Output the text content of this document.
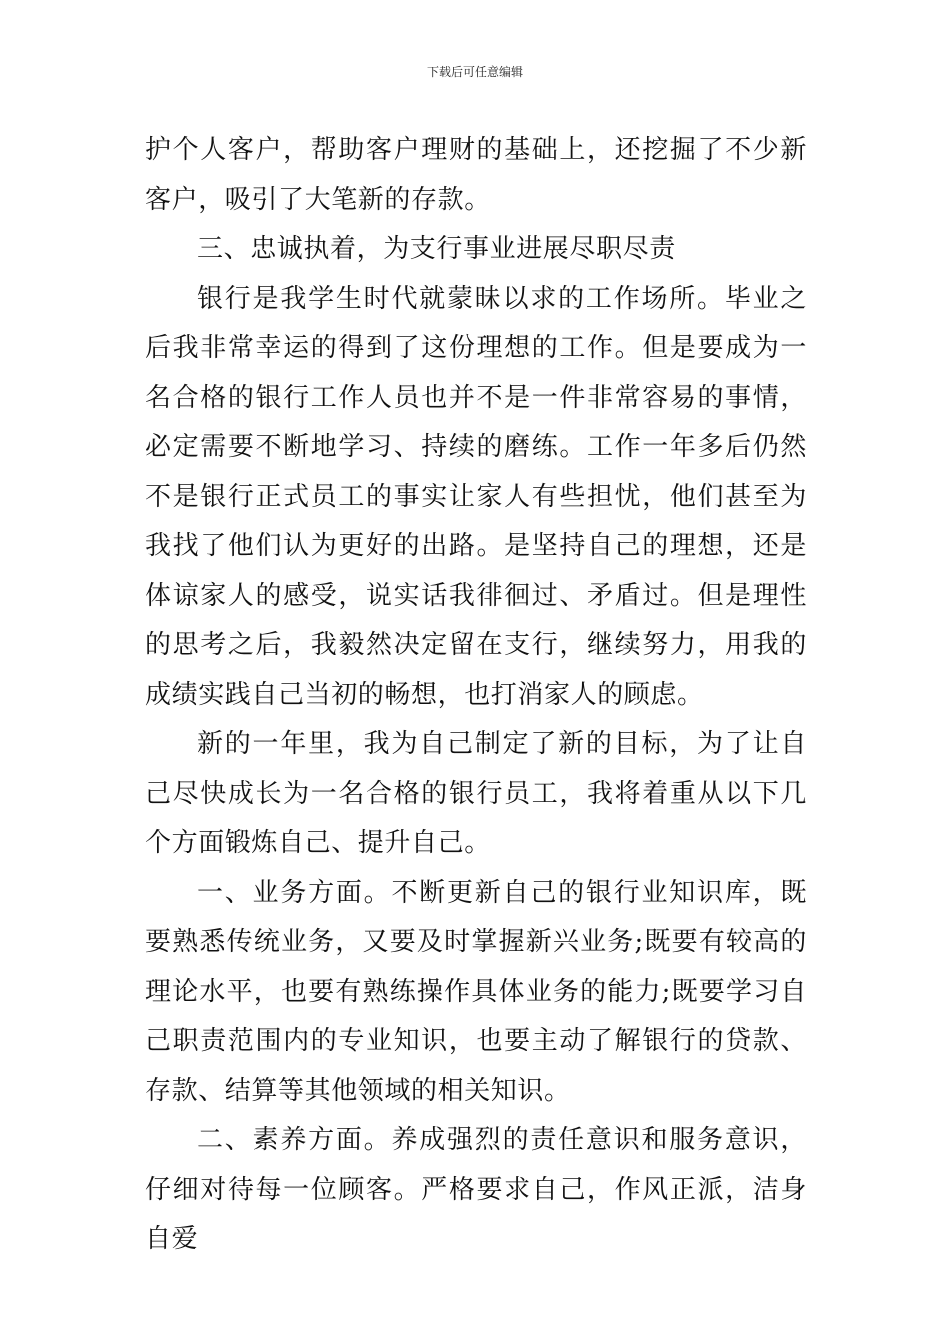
下载后可任意编辑

护个人客户，帮助客户理财的基础上，还挖掘了不少新客户，吸引了大笔新的存款。

三、忠诚执着，为支行事业进展尽职尽责

银行是我学生时代就蒙昧以求的工作场所。毕业之后我非常幸运的得到了这份理想的工作。但是要成为一名合格的银行工作人员也并不是一件非常容易的事情，必定需要不断地学习、持续的磨练。工作一年多后仍然不是银行正式员工的事实让家人有些担忧，他们甚至为我找了他们认为更好的出路。是坚持自己的理想，还是体谅家人的感受，说实话我徘徊过、矛盾过。但是理性的思考之后，我毅然决定留在支行，继续努力，用我的成绩实践自己当初的畅想，也打消家人的顾虑。

新的一年里，我为自己制定了新的目标，为了让自己尽快成长为一名合格的银行员工，我将着重从以下几个方面锻炼自己、提升自己。

一、业务方面。不断更新自己的银行业知识库，既要熟悉传统业务，又要及时掌握新兴业务;既要有较高的理论水平，也要有熟练操作具体业务的能力;既要学习自己职责范围内的专业知识，也要主动了解银行的贷款、存款、结算等其他领域的相关知识。

二、素养方面。养成强烈的责任意识和服务意识，仔细对待每一位顾客。严格要求自己，作风正派，洁身自爱
